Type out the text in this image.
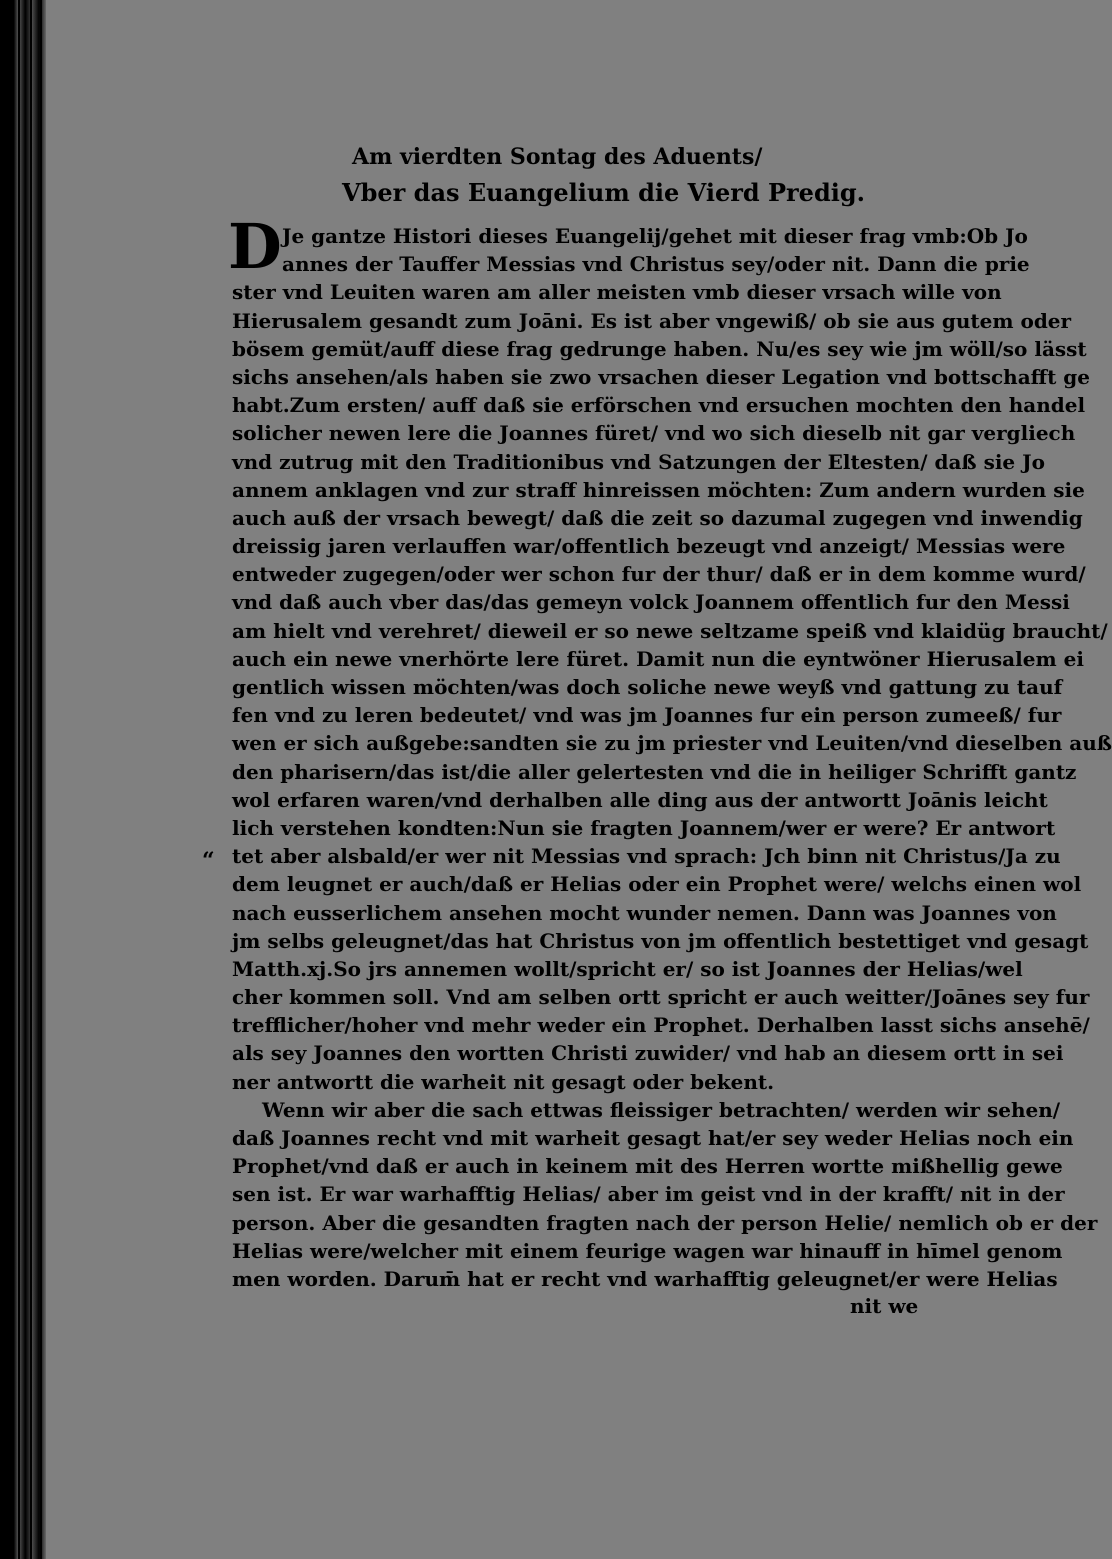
Am vierdten Sontag des Aduents/
Vber das Euangelium die Vierd Predig.
D Je gantze Histori dieses Euangelij/gehet mit dieser frag vmb:Ob Jo
annes der Tauffer Messias vnd Christus sey/oder nit. Dann die prie
ster vnd Leuiten waren am aller meisten vmb dieser vrsach wille von
Hierusalem gesandt zum Joāni. Es ist aber vngewiß/ ob sie aus gutem oder
bösem gemüt/auff diese frag gedrunge haben. Nu/es sey wie jm wöll/so lässt
sichs ansehen/als haben sie zwo vrsachen dieser Legation vnd bottschafft ge
habt.Zum ersten/ auff daß sie erförschen vnd ersuchen mochten den handel
solicher newen lere die Joannes füret/ vnd wo sich dieselb nit gar vergliech
vnd zutrug mit den Traditionibus vnd Satzungen der Eltesten/ daß sie Jo
annem anklagen vnd zur straff hinreissen möchten: Zum andern wurden sie
auch auß der vrsach bewegt/ daß die zeit so dazumal zugegen vnd inwendig
dreissig jaren verlauffen war/offentlich bezeugt vnd anzeigt/ Messias were
entweder zugegen/oder wer schon fur der thur/ daß er in dem komme wurd/
vnd daß auch vber das/das gemeyn volck Joannem offentlich fur den Messi
am hielt vnd verehret/ dieweil er so newe seltzame speiß vnd klaidüg braucht/
auch ein newe vnerhörte lere füret. Damit nun die eyntwöner Hierusalem ei
gentlich wissen möchten/was doch soliche newe weyß vnd gattung zu tauf
fen vnd zu leren bedeutet/ vnd was jm Joannes fur ein person zumeeß/ fur
wen er sich außgebe:sandten sie zu jm priester vnd Leuiten/vnd dieselben auß
den pharisern/das ist/die aller gelertesten vnd die in heiliger Schrifft gantz
wol erfaren waren/vnd derhalben alle ding aus der antwortt Joānis leicht
lich verstehen kondten:Nun sie fragten Joannem/wer er were? Er antwort
tet aber alsbald/er wer nit Messias vnd sprach: Jch binn nit Christus/Ja zu
dem leugnet er auch/daß er Helias oder ein Prophet were/ welchs einen wol
nach eusserlichem ansehen mocht wunder nemen. Dann was Joannes von
jm selbs geleugnet/das hat Christus von jm offentlich bestettiget vnd gesagt
Matth.xj.So jrs annemen wollt/spricht er/ so ist Joannes der Helias/wel
cher kommen soll. Vnd am selben ortt spricht er auch weitter/Joānes sey fur
trefflicher/hoher vnd mehr weder ein Prophet. Derhalben lasst sichs ansehē/
als sey Joannes den wortten Christi zuwider/ vnd hab an diesem ortt in sei
ner antwortt die warheit nit gesagt oder bekent.
Wenn wir aber die sach ettwas fleissiger betrachten/ werden wir sehen/
daß Joannes recht vnd mit warheit gesagt hat/er sey weder Helias noch ein
Prophet/vnd daß er auch in keinem mit des Herren wortte mißhellig gewe
sen ist. Er war warhafftig Helias/ aber im geist vnd in der krafft/ nit in der
person. Aber die gesandten fragten nach der person Helie/ nemlich ob er der
Helias were/welcher mit einem feurige wagen war hinauff in hīmel genom
men worden. Darum̄ hat er recht vnd warhafftig geleugnet/er were Helias
“
nit we
